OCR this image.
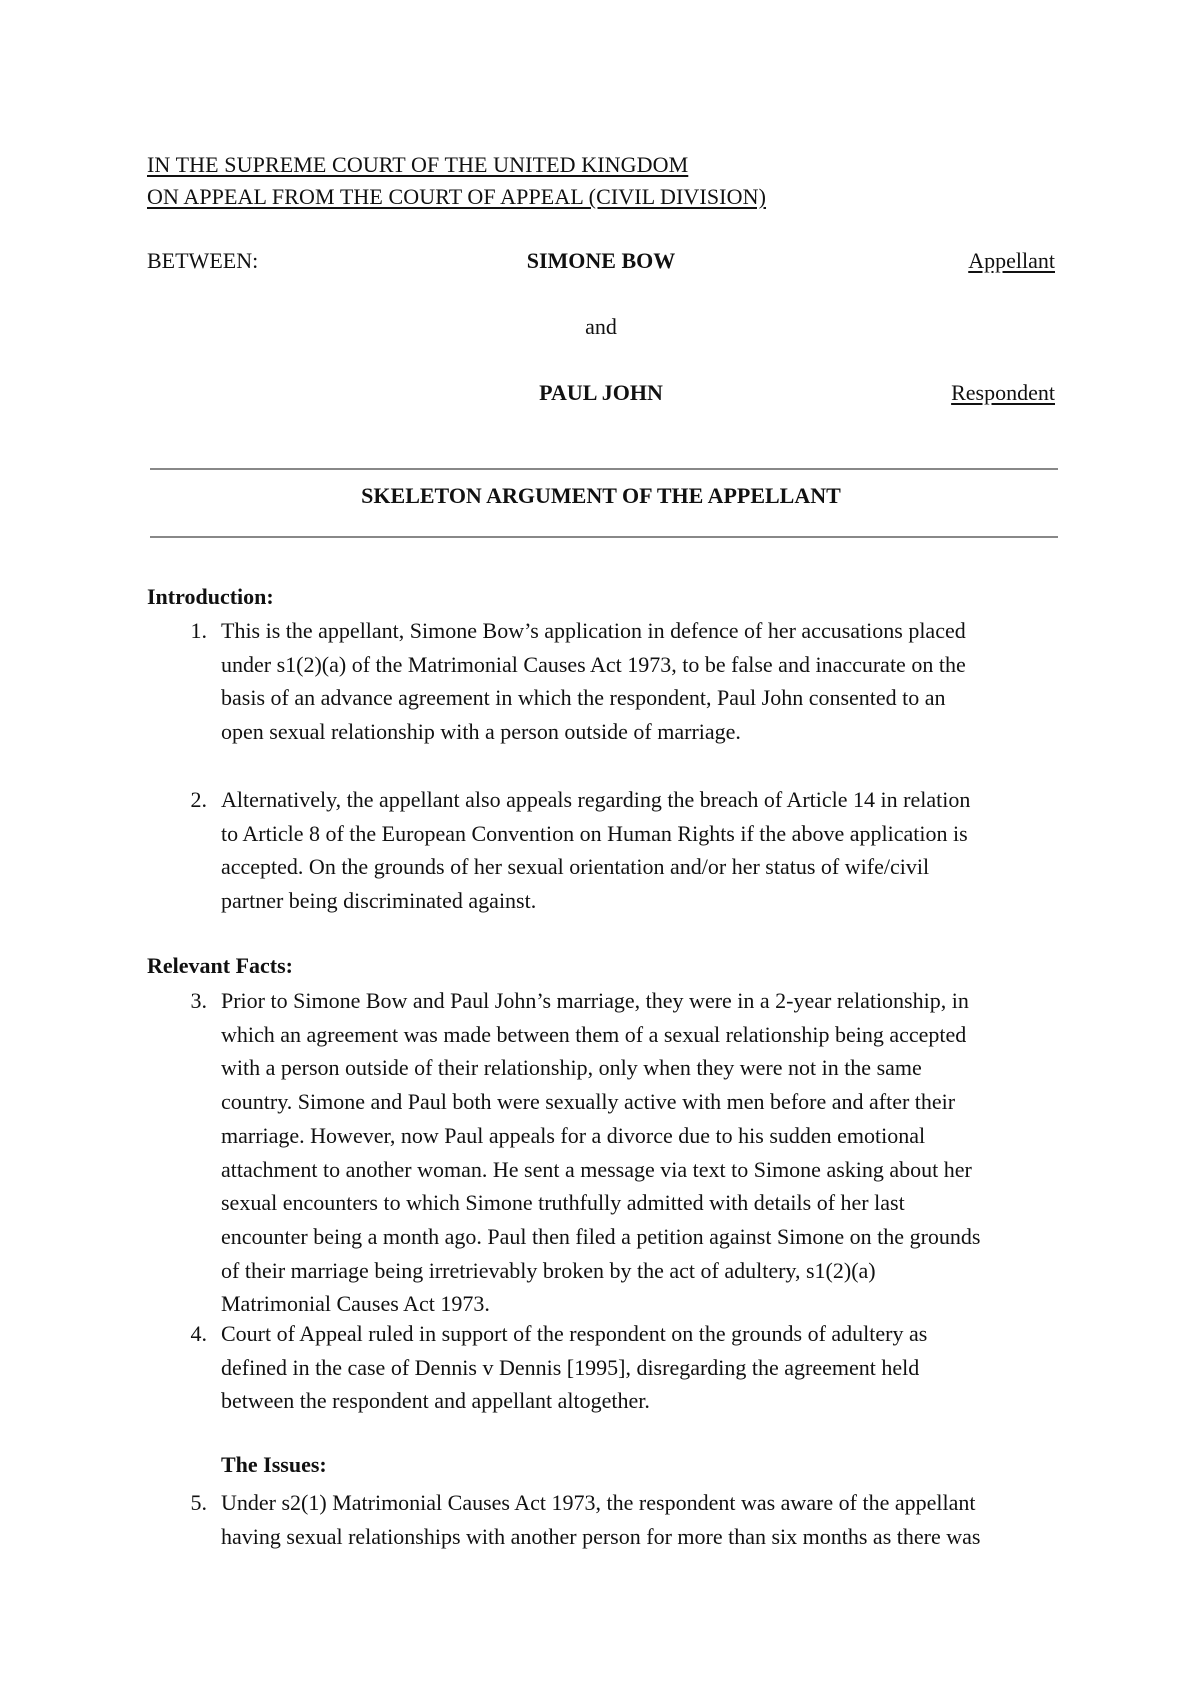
IN THE SUPREME COURT OF THE UNITED KINGDOM
ON APPEAL FROM THE COURT OF APPEAL (CIVIL DIVISION)
BETWEEN:	SIMONE BOW	Appellant
and
PAUL JOHN	Respondent
SKELETON ARGUMENT OF THE APPELLANT
Introduction:
1. This is the appellant, Simone Bow’s application in defence of her accusations placed
under s1(2)(a) of the Matrimonial Causes Act 1973, to be false and inaccurate on the
basis of an advance agreement in which the respondent, Paul John consented to an
open sexual relationship with a person outside of marriage.
2. Alternatively, the appellant also appeals regarding the breach of Article 14 in relation
to Article 8 of the European Convention on Human Rights if the above application is
accepted. On the grounds of her sexual orientation and/or her status of wife/civil
partner being discriminated against.
Relevant Facts:
3. Prior to Simone Bow and Paul John’s marriage, they were in a 2-year relationship, in
which an agreement was made between them of a sexual relationship being accepted
with a person outside of their relationship, only when they were not in the same
country. Simone and Paul both were sexually active with men before and after their
marriage. However, now Paul appeals for a divorce due to his sudden emotional
attachment to another woman. He sent a message via text to Simone asking about her
sexual encounters to which Simone truthfully admitted with details of her last
encounter being a month ago. Paul then filed a petition against Simone on the grounds
of their marriage being irretrievably broken by the act of adultery, s1(2)(a)
Matrimonial Causes Act 1973.
4. Court of Appeal ruled in support of the respondent on the grounds of adultery as
defined in the case of Dennis v Dennis [1995], disregarding the agreement held
between the respondent and appellant altogether.
The Issues:
5. Under s2(1) Matrimonial Causes Act 1973, the respondent was aware of the appellant
having sexual relationships with another person for more than six months as there was
